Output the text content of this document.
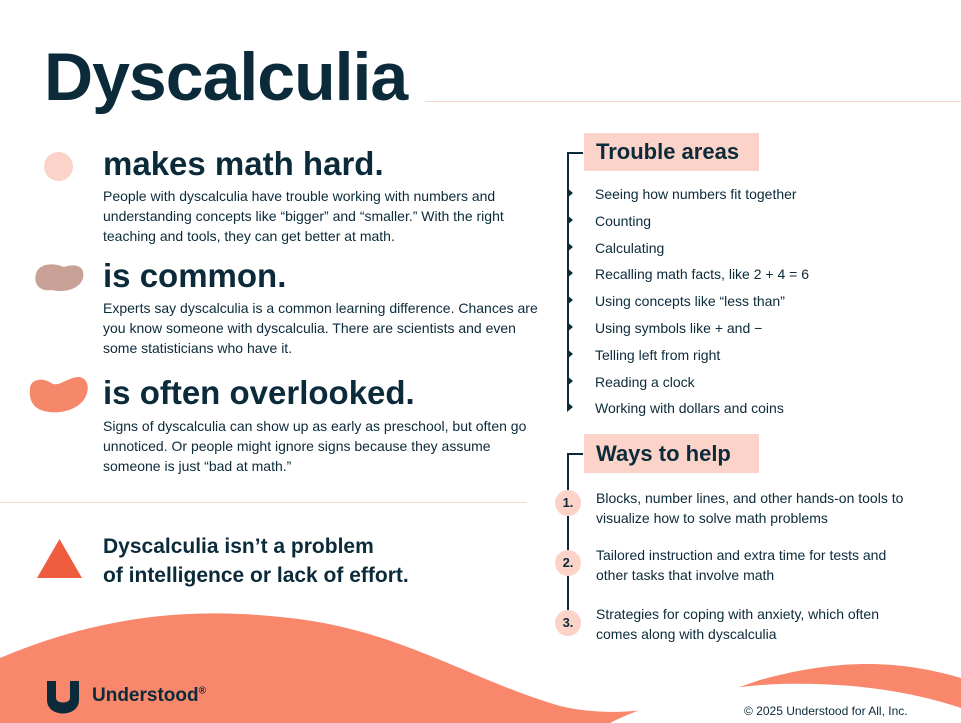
Dyscalculia
makes math hard.

People with dyscalculia have trouble working with numbers and understanding concepts like “bigger” and “smaller.” With the right teaching and tools, they can get better at math.

is common.

Experts say dyscalculia is a common learning difference. Chances are you know someone with dyscalculia. There are scientists and even some statisticians who have it.

is often overlooked.

Signs of dyscalculia can show up as early as preschool, but often go unnoticed. Or people might ignore signs because they assume someone is just “bad at math.”

Dyscalculia isn’t a problem
of intelligence or lack of effort.
Trouble areas
Seeing how numbers fit together
Counting
Calculating
Recalling math facts, like 2 + 4 = 6
Using concepts like “less than”
Using symbols like + and −
Telling left from right
Reading a clock
Working with dollars and coins
Ways to help
1.	Blocks, number lines, and other hands-on tools to visualize how to solve math problems
2.	Tailored instruction and extra time for tests and other tasks that involve math
3.
Strategies for coping with anxiety, which often comes along with dyscalculia
Understood®
© 2025 Understood for All, Inc.
